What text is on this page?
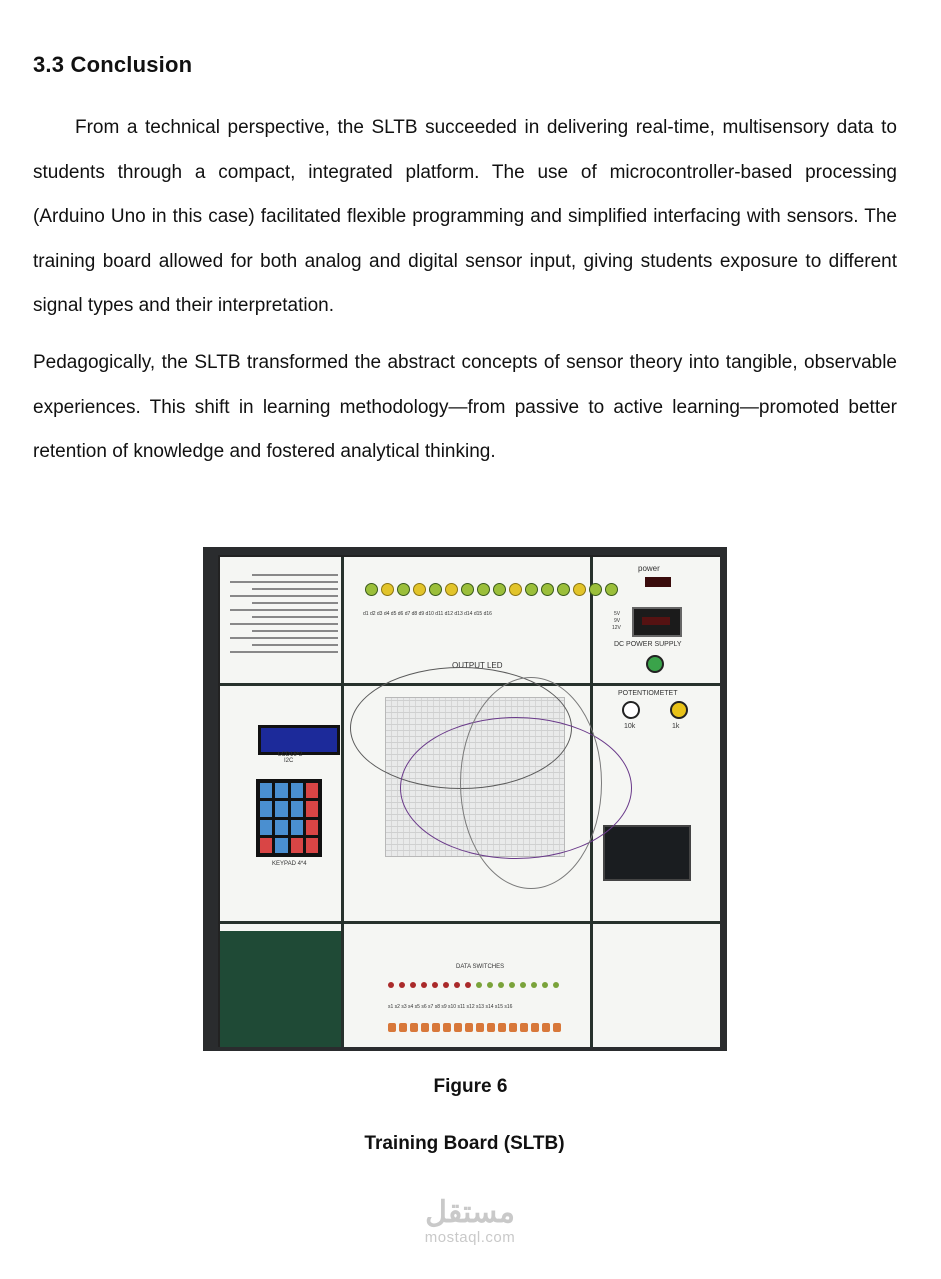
3.3 Conclusion

From a technical perspective, the SLTB succeeded in delivering real-time, multisensory data to students through a compact, integrated platform. The use of microcontroller-based processing (Arduino Uno in this case) facilitated flexible programming and simplified interfacing with sensors. The training board allowed for both analog and digital sensor input, giving students exposure to different signal types and their interpretation.

Pedagogically, the SLTB transformed the abstract concepts of sensor theory into tangible, observable experiences. This shift in learning methodology—from passive to active learning—promoted better retention of knowledge and fostered analytical thinking.

d1 d2 d3 d4 d5 d6 d7 d8 d9 d10 d11 d12 d13 d14 d15 d16
OUTPUT LED
power
5V
9V
12V
DC POWER SUPPLY
POTENTIOMETET
10k	1k
LCD16*2
I2C
KEYPAD 4*4
DATA SWITCHES
s1 s2 s3 s4 s5 s6 s7 s8 s9 s10 s11 s12 s13 s14 s15 s16

Figure 6

Training Board (SLTB)

مستقل
mostaql.com
